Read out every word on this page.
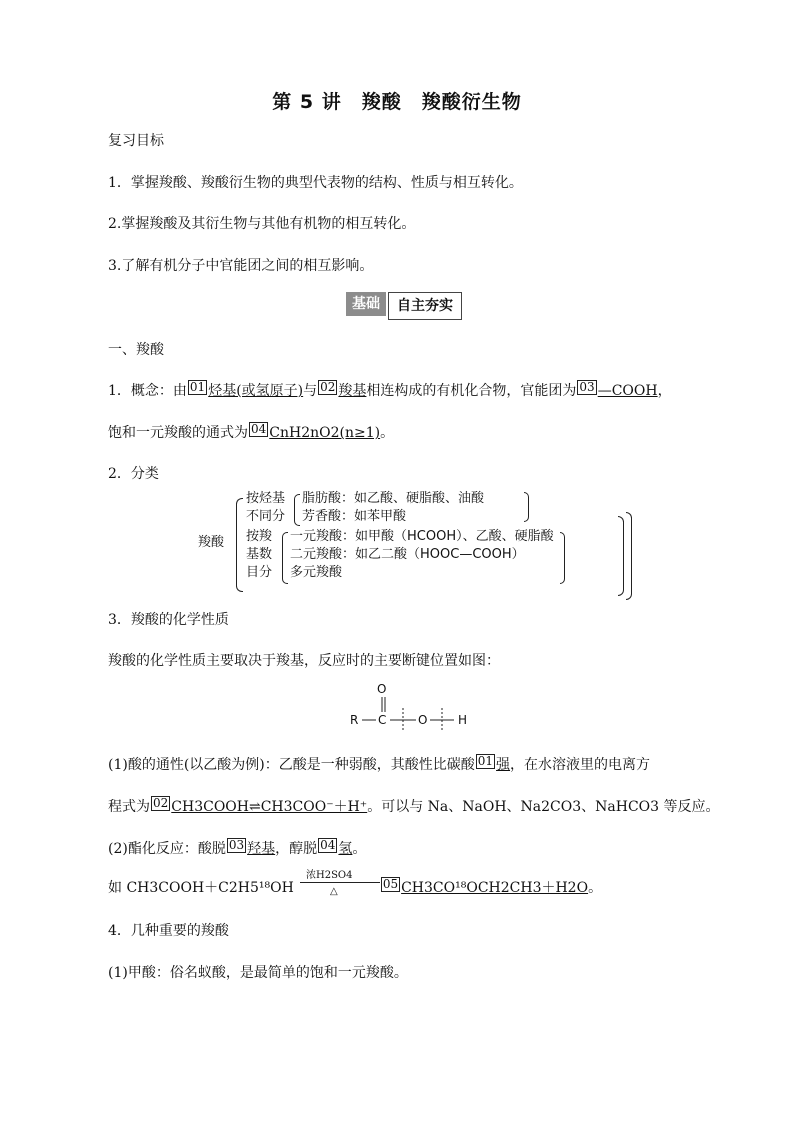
第 5 讲　羧酸　羧酸衍生物
复习目标
1．掌握羧酸、羧酸衍生物的典型代表物的结构、性质与相互转化。
2.掌握羧酸及其衍生物与其他有机物的相互转化。
3.了解有机分子中官能团之间的相互影响。
基础	自主夯实
一、羧酸
1．概念：由 01 烃基(或氢原子)与 02 羧基相连构成的有机化合物，官能团为 03 —COOH，
饱和一元羧酸的通式为 04 CnH2nO2(n≥1)。
2．分类
羧酸
按烃基
不同分
脂肪酸：如乙酸、硬脂酸、油酸
芳香酸：如苯甲酸
按羧
基数
目分
一元羧酸：如甲酸（HCOOH）、乙酸、硬脂酸
二元羧酸：如乙二酸（HOOC—COOH）
多元羧酸
3．羧酸的化学性质
羧酸的化学性质主要取决于羧基，反应时的主要断键位置如图：
O
R C	O	H
(1)酸的通性(以乙酸为例)：乙酸是一种弱酸，其酸性比碳酸 01 强，在水溶液里的电离方
程式为 02 CH3COOH⇌CH3COO⁻＋H⁺。可以与 Na、NaOH、Na2CO3、NaHCO3 等反应。
(2)酯化反应：酸脱 03 羟基，醇脱 04 氢。
浓H2SO4
△
如 CH3COOH＋C2H5¹⁸OH	05 CH3CO¹⁸OCH2CH3＋H2O。
4．几种重要的羧酸
(1)甲酸：俗名蚁酸，是最简单的饱和一元羧酸。
